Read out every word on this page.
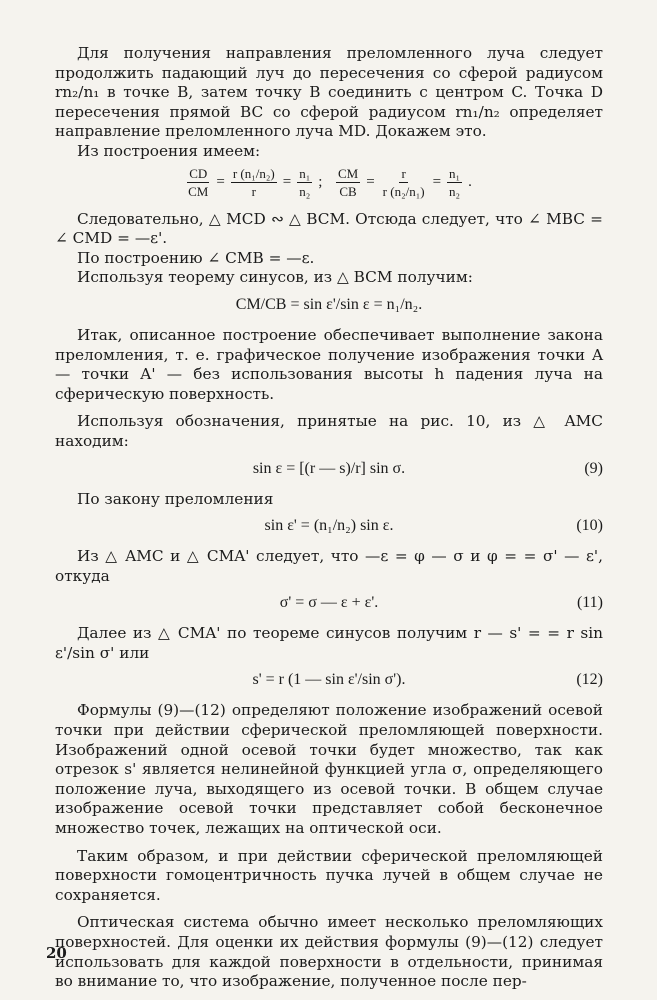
Для получения направления преломленного луча следует продолжить падающий луч до пересечения со сферой радиусом rn₂/n₁ в точке B, затем точку B соединить с центром C. Точка D пересечения прямой BC со сферой радиусом rn₁/n₂ определяет направление преломленного луча MD. Докажем это.

Из построения имеем:

$\frac{CD}{CM} = \frac{\text{r (n₁/n₂)}}{r} = \frac{\text{n₁}}{\text{n₂}}$ ; $\frac{CM}{CB} = \frac{r}{\text{r (n₂/n₁)}} = \frac{\text{n₁}}{\text{n₂}}$ .

Следовательно, △ MCD ∾ △ BCM. Отсюда следует, что ∠ MBC = ∠ CMD = —ε'.

По построению ∠ CMB = —ε.

Используя теорему синусов, из △ BCM получим:

CM/CB = sin ε'/sin ε = n₁/n₂.

Итак, описанное построение обеспечивает выполнение закона преломления, т. е. графическое получение изображения точки A — точки A' — без использования высоты h падения луча на сферическую поверхность.

Используя обозначения, принятые на рис. 10, из △ AMC находим:

sin ε = [(r — s)/r] sin σ.	(9)

По закону преломления

sin ε' = (n₁/n₂) sin ε.	(10)

Из △ AMC и △ CMA' следует, что —ε = φ — σ и φ = = σ' — ε', откуда

σ' = σ — ε + ε'.	(11)

Далее из △ CMA' по теореме синусов получим r — s' = = r sin ε'/sin σ' или

s' = r (1 — sin ε'/sin σ').	(12)

Формулы (9)—(12) определяют положение изображений осевой точки при действии сферической преломляющей поверхности. Изображений одной осевой точки будет множество, так как отрезок s' является нелинейной функцией угла σ, определяющего положение луча, выходящего из осевой точки. В общем случае изображение осевой точки представляет собой бесконечное множество точек, лежащих на оптической оси.

Таким образом, и при действии сферической преломляющей поверхности гомоцентричность пучка лучей в общем случае не сохраняется.

Оптическая система обычно имеет несколько преломляющих поверхностей. Для оценки их действия формулы (9)—(12) следует использовать для каждой поверхности в отдельности, принимая во внимание то, что изображение, полученное после пер-

20
